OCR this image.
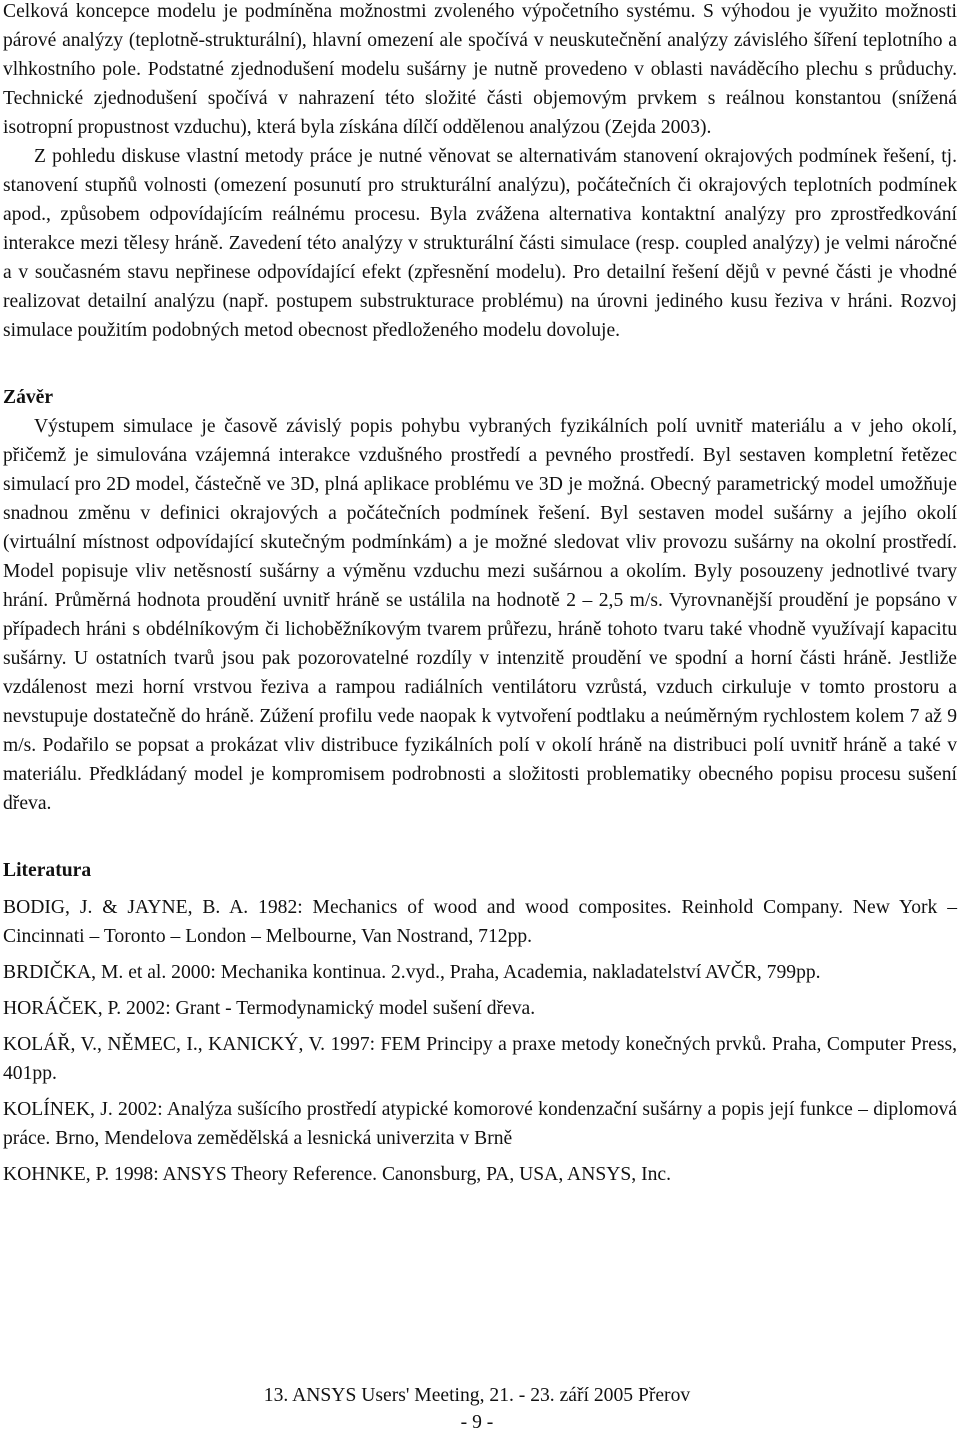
Celková koncepce modelu je podmíněna možnostmi zvoleného výpočetního systému. S výhodou je využito možnosti párové analýzy (teplotně-strukturální), hlavní omezení ale spočívá v neuskutečnění analýzy závislého šíření teplotního a vlhkostního pole. Podstatné zjednodušení modelu sušárny je nutně provedeno v oblasti naváděcího plechu s průduchy. Technické zjednodušení spočívá v nahrazení této složité části objemovým prvkem s reálnou konstantou (snížená isotropní propustnost vzduchu), která byla získána dílčí oddělenou analýzou (Zejda 2003).

Z pohledu diskuse vlastní metody práce je nutné věnovat se alternativám stanovení okrajových podmínek řešení, tj. stanovení stupňů volnosti (omezení posunutí pro strukturální analýzu), počátečních či okrajových teplotních podmínek apod., způsobem odpovídajícím reálnému procesu. Byla zvážena alternativa kontaktní analýzy pro zprostředkování interakce mezi tělesy hráně. Zavedení této analýzy v strukturální části simulace (resp. coupled analýzy) je velmi náročné a v současném stavu nepřinese odpovídající efekt (zpřesnění modelu). Pro detailní řešení dějů v pevné části je vhodné realizovat detailní analýzu (např. postupem substrukturace problému) na úrovni jediného kusu řeziva v hráni. Rozvoj simulace použitím podobných metod obecnost předloženého modelu dovoluje.

Závěr

Výstupem simulace je časově závislý popis pohybu vybraných fyzikálních polí uvnitř materiálu a v jeho okolí, přičemž je simulována vzájemná interakce vzdušného prostředí a pevného prostředí. Byl sestaven kompletní řetězec simulací pro 2D model, částečně ve 3D, plná aplikace problému ve 3D je možná. Obecný parametrický model umožňuje snadnou změnu v definici okrajových a počátečních podmínek řešení. Byl sestaven model sušárny a jejího okolí (virtuální místnost odpovídající skutečným podmínkám) a je možné sledovat vliv provozu sušárny na okolní prostředí. Model popisuje vliv netěsností sušárny a výměnu vzduchu mezi sušárnou a okolím. Byly posouzeny jednotlivé tvary hrání. Průměrná hodnota proudění uvnitř hráně se ustálila na hodnotě 2 – 2,5 m/s. Vyrovnanější proudění je popsáno v případech hráni s obdélníkovým či lichoběžníkovým tvarem průřezu, hráně tohoto tvaru také vhodně využívají kapacitu sušárny. U ostatních tvarů jsou pak pozorovatelné rozdíly v intenzitě proudění ve spodní a horní části hráně. Jestliže vzdálenost mezi horní vrstvou řeziva a rampou radiálních ventilátoru vzrůstá, vzduch cirkuluje v tomto prostoru a nevstupuje dostatečně do hráně. Zúžení profilu vede naopak k vytvoření podtlaku a neúměrným rychlostem kolem 7 až 9 m/s. Podařilo se popsat a prokázat vliv distribuce fyzikálních polí v okolí hráně na distribuci polí uvnitř hráně a také v materiálu. Předkládaný model je kompromisem podrobnosti a složitosti problematiky obecného popisu procesu sušení dřeva.

Literatura

BODIG, J. & JAYNE, B. A. 1982: Mechanics of wood and wood composites. Reinhold Company. New York – Cincinnati – Toronto – London – Melbourne, Van Nostrand, 712pp.

BRDIČKA, M. et al. 2000: Mechanika kontinua. 2.vyd., Praha, Academia, nakladatelství AVČR, 799pp.

HORÁČEK, P. 2002: Grant - Termodynamický model sušení dřeva.

KOLÁŘ, V., NĚMEC, I., KANICKÝ, V. 1997: FEM Principy a praxe metody konečných prvků. Praha, Computer Press, 401pp.

KOLÍNEK, J. 2002: Analýza sušícího prostředí atypické komorové kondenzační sušárny a popis její funkce – diplomová práce. Brno, Mendelova zemědělská a lesnická univerzita v Brně

KOHNKE, P. 1998: ANSYS Theory Reference. Canonsburg, PA, USA, ANSYS, Inc.

13. ANSYS Users' Meeting, 21. - 23. září 2005 Přerov
- 9 -
